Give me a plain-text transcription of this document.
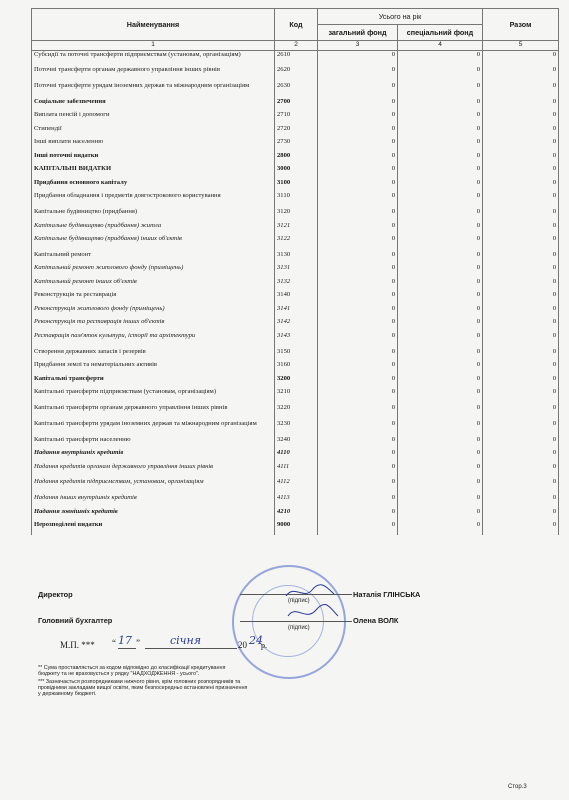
Найменування	Код	Усього на рік		Разом
		загальний фонд	спеціальний фонд	
1	2	3	4	5
Субсидії та поточні трансферти підприємствам (установам, організаціям)	2610	0	0	0
Поточні трансферти органам державного управління інших рівнів	2620	0	0	0
Поточні трансферти урядам іноземних держав та міжнародним організаціям	2630	0	0	0
Соціальне забезпечення	2700	0	0	0
Виплата пенсій і допомоги	2710	0	0	0
Стипендії	2720	0	0	0
Інші виплати населенню	2730	0	0	0
Інші поточні видатки	2800	0	0	0
КАПІТАЛЬНІ ВИДАТКИ	3000	0	0	0
Придбання основного капіталу	3100	0	0	0
Придбання обладнання і предметів довгострокового користування	3110	0	0	0
Капітальне будівництво (придбання)	3120	0	0	0
Капітальне будівництво (придбання) житла	3121	0	0	0
Капітальне будівництво (придбання) інших об'єктів	3122	0	0	0
Капітальний ремонт	3130	0	0	0
Капітальний ремонт житлового фонду (приміщень)	3131	0	0	0
Капітальний ремонт інших об'єктів	3132	0	0	0
Реконструкція та реставрація	3140	0	0	0
Реконструкція житлового фонду (приміщень)	3141	0	0	0
Реконструкція та реставрація інших об'єктів	3142	0	0	0
Реставрація пам'яток культури, історії та архітектури	3143	0	0	0
Створення державних запасів і резервів	3150	0	0	0
Придбання землі та нематеріальних активів	3160	0	0	0
Капітальні трансферти	3200	0	0	0
Капітальні трансферти підприємствам (установам, організаціям)	3210	0	0	0
Капітальні трансферти органам державного управління інших рівнів	3220	0	0	0
Капітальні трансферти урядам іноземних держав та міжнародним організаціям	3230	0	0	0
Капітальні трансферти населенню	3240	0	0	0
Надання внутрішніх кредитів	4110	0	0	0
Надання кредитів органам державного управління інших рівнів	4111	0	0	0
Надання кредитів підприємствам, установам, організаціям	4112	0	0	0
Надання інших внутрішніх кредитів	4113	0	0	0
Надання зовнішніх кредитів	4210	0	0	0
Нерозподілені видатки	9000	0	0	0
Директор
(підпис)
Наталія ГЛІНСЬКА
Головний бухгалтер
(підпис)
Олена ВОЛК
М.П. *** “ 17 ”	січня	20 24
р.
** Сума проставляється за кодом відповідно до класифікації кредитування бюджету та не враховується у рядку "НАДХОДЖЕННЯ - усього".
*** Зазначається розпорядниками нижчого рівня, крім головних розпорядників та провідними закладами вищої освіти, яким безпосередньо встановлені призначення у державному бюджеті.
Стор.3
